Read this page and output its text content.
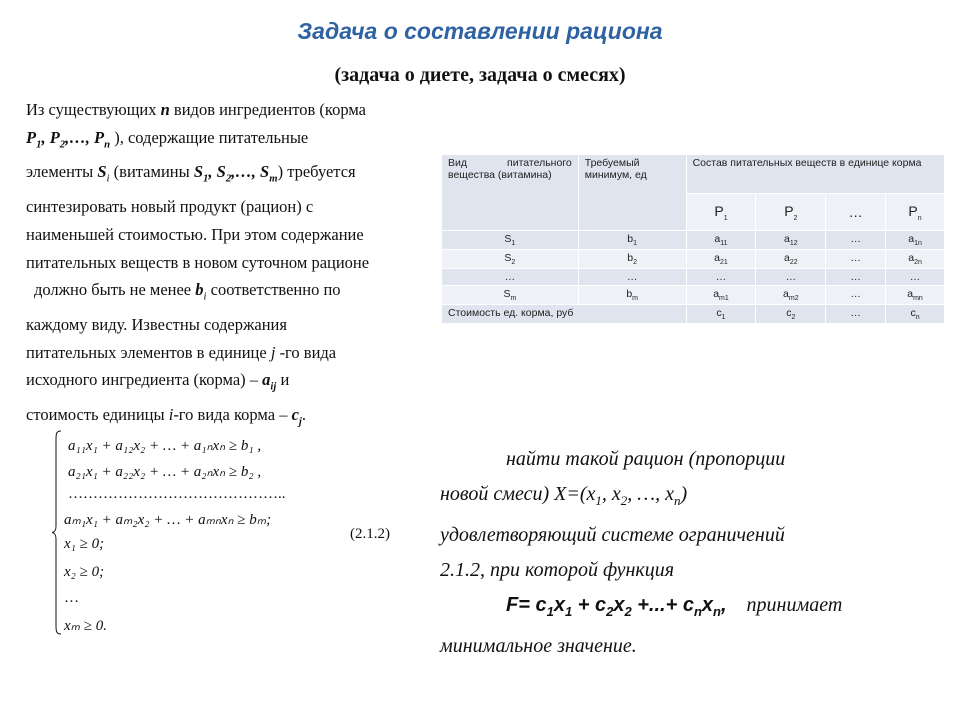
Задача о составлении рациона
(задача о диете, задача о смесях)
Из существующих n видов ингредиентов (корма
$P_1$, $P_2,\dots$, $P_n$ ), содержащие питательные
элементы $S_i$ (витамины $S_1$, $S_2,\dots$, $S_m$) требуется
синтезировать новый продукт (рацион) с
наименьшей стоимостью. При этом содержание
питательных веществ в новом суточном рационе
должно быть не менее $b_i$ соответственно по
каждому виду. Известны содержания
питательных элементов в единице j -го вида
исходного ингредиента (корма) – $a_{ij}$ и
стоимость единицы i-го вида корма – $c_j$.
Вид питательного вещества (витамина)	Требуемый минимум, ед	Состав питательных веществ в единице корма			
		$P_1$	$P_2$	…	$P_n$
$S_1$	$b_1$	$a_{11}$	$a_{12}$	…	$a_{1n}$
$S_2$	$b_2$	$a_{21}$	$a_{22}$	…	$a_{2n}$
…	…	…	…	…	…
$S_m$	$b_m$	$a_{m1}$	$a_{m2}$	…	$a_{mn}$
Стоимость ед. корма, руб		$c_1$	$c_2$	…	$c_n$
a₁₁x₁ + a₁₂x₂ + … + a₁ₙxₙ ≥ b₁ ,
a₂₁x₁ + a₂₂x₂ + … + a₂ₙxₙ ≥ b₂ ,
……………………………………..
aₘ₁x₁ + aₘ₂x₂ + … + aₘₙxₙ ≥ bₘ;
x₁ ≥ 0;
x₂ ≥ 0;
…
xₘ ≥ 0.
(2.1.2)
найти такой рацион (пропорции
новой смеси) $X=(x_1$, $x_2$, …, $x_n$)
удовлетворяющий системе ограничений
2.1.2, при которой функция
$F= c_1x_1 + c_2x_2$ +...+ $c_nx_n$,    принимает
минимальное значение.
